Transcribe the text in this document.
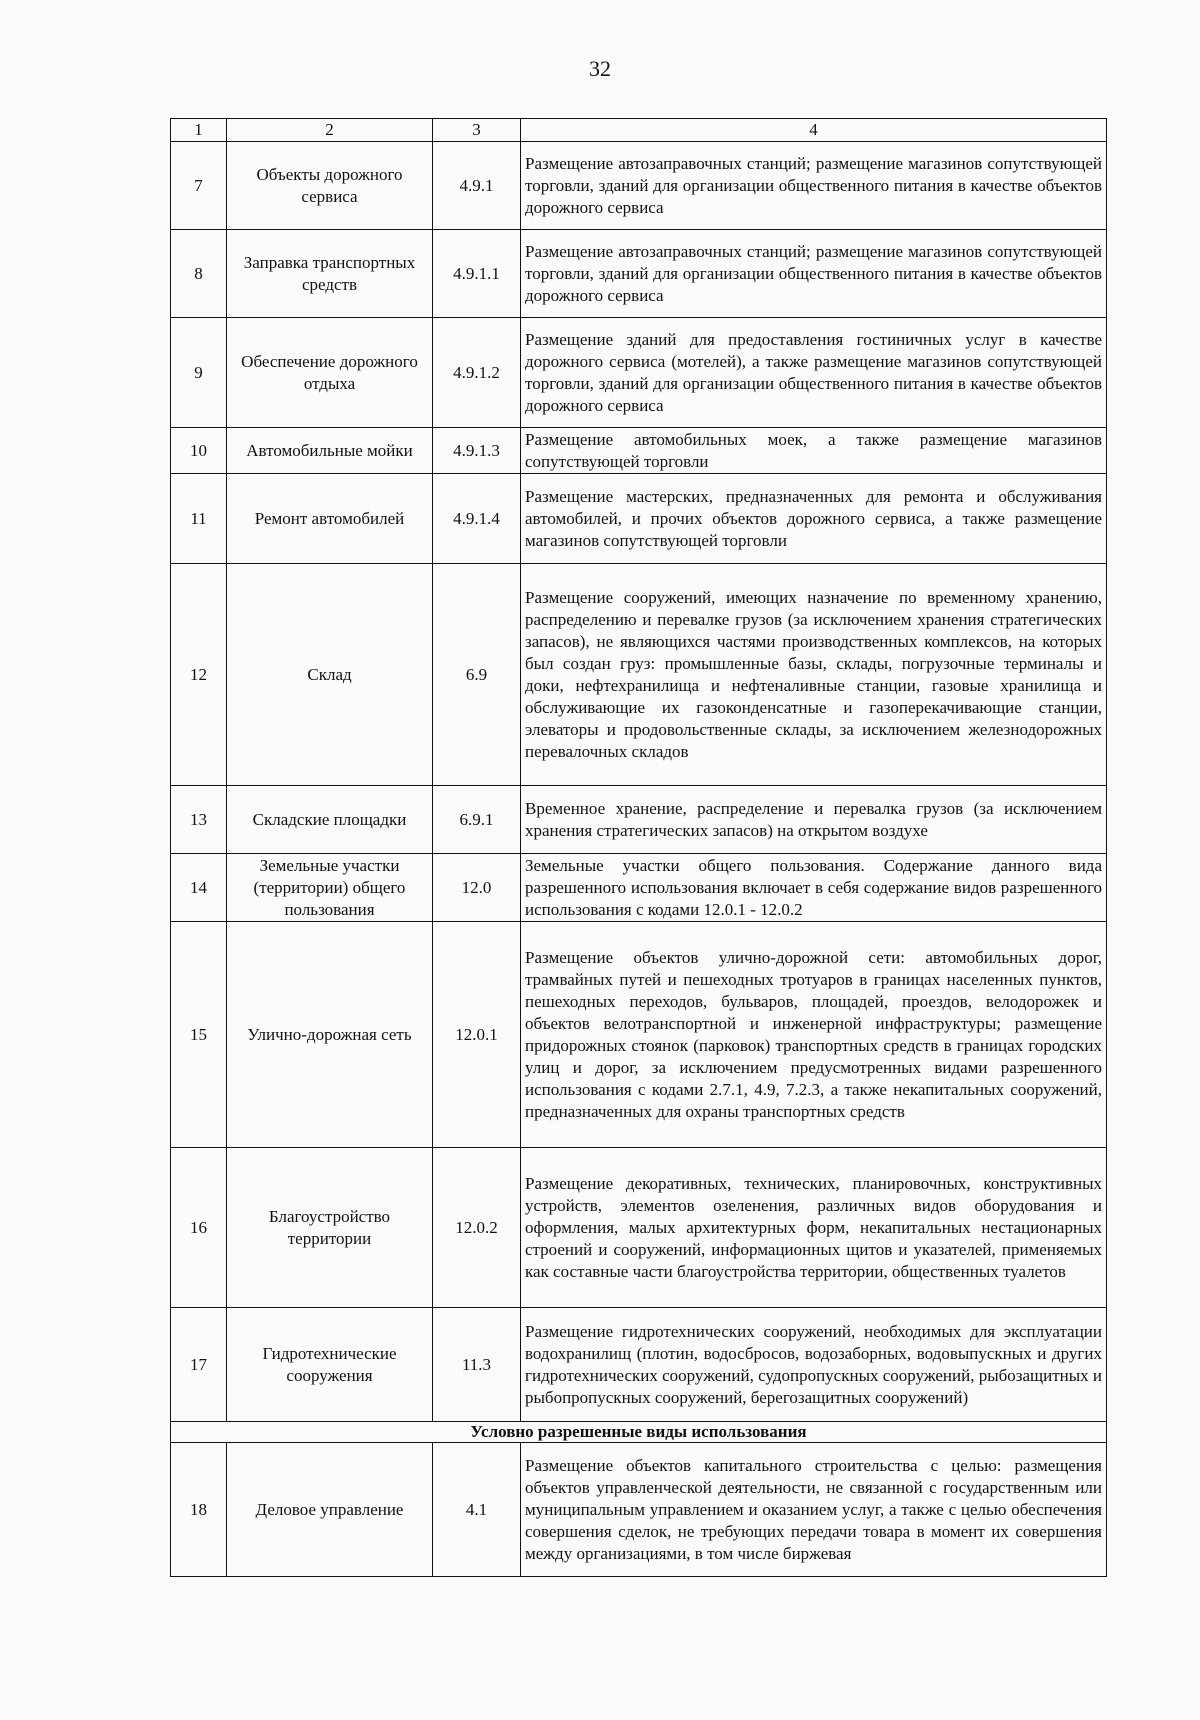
32
1	2	3	4
7	Объекты дорожного сервиса	4.9.1	Размещение автозаправочных станций; размещение магазинов сопутствующей торговли, зданий для организации общественного питания в качестве объектов дорожного сервиса
8	Заправка транспортных средств	4.9.1.1	Размещение автозаправочных станций; размещение магазинов сопутствующей торговли, зданий для организации общественного питания в качестве объектов дорожного сервиса
9	Обеспечение дорожного отдыха	4.9.1.2	Размещение зданий для предоставления гостиничных услуг в качестве дорожного сервиса (мотелей), а также размещение магазинов сопутствующей торговли, зданий для организации общественного питания в качестве объектов дорожного сервиса
10	Автомобильные мойки	4.9.1.3	Размещение автомобильных моек, а также размещение магазинов сопутствующей торговли
11	Ремонт автомобилей	4.9.1.4	Размещение мастерских, предназначенных для ремонта и обслуживания автомобилей, и прочих объектов дорожного сервиса, а также размещение магазинов сопутствующей торговли
12	Склад	6.9	Размещение сооружений, имеющих назначение по временному хранению, распределению и перевалке грузов (за исключением хранения стратегических запасов), не являющихся частями производственных комплексов, на которых был создан груз: промышленные базы, склады, погрузочные терминалы и доки, нефтехранилища и нефтеналивные станции, газовые хранилища и обслуживающие их газоконденсатные и газоперекачивающие станции, элеваторы и продовольственные склады, за исключением железнодорожных перевалочных складов
13	Складские площадки	6.9.1	Временное хранение, распределение и перевалка грузов (за исключением хранения стратегических запасов) на открытом воздухе
14	Земельные участки (территории) общего пользования	12.0	Земельные участки общего пользования. Содержание данного вида разрешенного использования включает в себя содержание видов разрешенного использования с кодами 12.0.1 - 12.0.2
15	Улично-дорожная сеть	12.0.1	Размещение объектов улично-дорожной сети: автомобильных дорог, трамвайных путей и пешеходных тротуаров в границах населенных пунктов, пешеходных переходов, бульваров, площадей, проездов, велодорожек и объектов велотранспортной и инженерной инфраструктуры; размещение придорожных стоянок (парковок) транспортных средств в границах городских улиц и дорог, за исключением предусмотренных видами разрешенного использования с кодами 2.7.1, 4.9, 7.2.3, а также некапитальных сооружений, предназначенных для охраны транспортных средств
16	Благоустройство территории	12.0.2	Размещение декоративных, технических, планировочных, конструктивных устройств, элементов озеленения, различных видов оборудования и оформления, малых архитектурных форм, некапитальных нестационарных строений и сооружений, информационных щитов и указателей, применяемых как составные части благоустройства территории, общественных туалетов
17	Гидротехнические сооружения	11.3	Размещение гидротехнических сооружений, необходимых для эксплуатации водохранилищ (плотин, водосбросов, водозаборных, водовыпускных и других гидротехнических сооружений, судопропускных сооружений, рыбозащитных и рыбопропускных сооружений, берегозащитных сооружений)
Условно разрешенные виды использования			
18	Деловое управление	4.1	Размещение объектов капитального строительства с целью: размещения объектов управленческой деятельности, не связанной с государственным или муниципальным управлением и оказанием услуг, а также с целью обеспечения совершения сделок, не требующих передачи товара в момент их совершения между организациями, в том числе биржевая
